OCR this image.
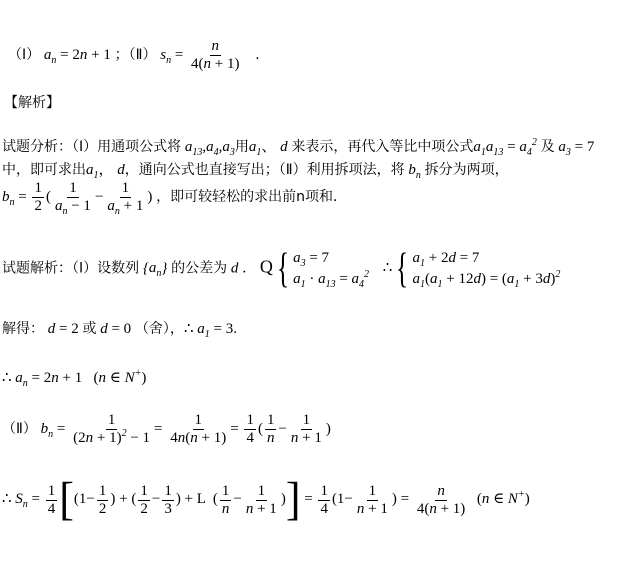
（Ⅰ） $a_n = 2n + 1$ ；（Ⅱ） $s_n = \frac{n}{4(n + 1)}$ ．
【解析】
试题分析：（Ⅰ）用通项公式将 $a_{13},a_4,a_3$用$a_1$、 d 来表示，再代入等比中项公式$a_1a_{13} = a_4^2$ 及 $a_3 = 7$
中，即可求出$a_1$， d，通向公式也直接写出；（Ⅱ）利用拆项法，将 $b_n$ 拆分为两项，
$b_n = \frac{1}{2}$ ( $\frac{1}{a_n - 1} - \frac{1}{a_n + 1}$ ) ，即可较轻松的求出前n项和．
试题解析：（Ⅰ）设数列 $\{a_n\}$ 的公差为 d ． Q{ $a_3 = 7$
$a_1 \cdot a_{13} = a_4^2$ ∴{ $a_1 + 2d = 7$
$a_1(a_1 + 12d) = (a_1 + 3d)^2$
解得： d = 2 或 d = 0 （舍），∴ $a_1 = 3$.
∴ $a_n = 2n + 1$ (n ∈ N+)
（Ⅱ） $b_n = \frac{1}{(2n + 1)^2 - 1} = \frac{1}{4n(n + 1)} = \frac{1}{4}$ ( $\frac{1}{n} - \frac{1}{n + 1}$ )
∴ $S_n = \frac{1}{4} [(1- \frac{1}{2}$ ) + ( $\frac{1}{2} - \frac{1}{3}$ ) + L  ( $\frac{1}{n} - \frac{1}{n + 1}$ )] = $\frac{1}{4} (1- \frac{1}{n + 1}$ ) = $\frac{n}{4(n + 1)} (n$ ∈ N+)
